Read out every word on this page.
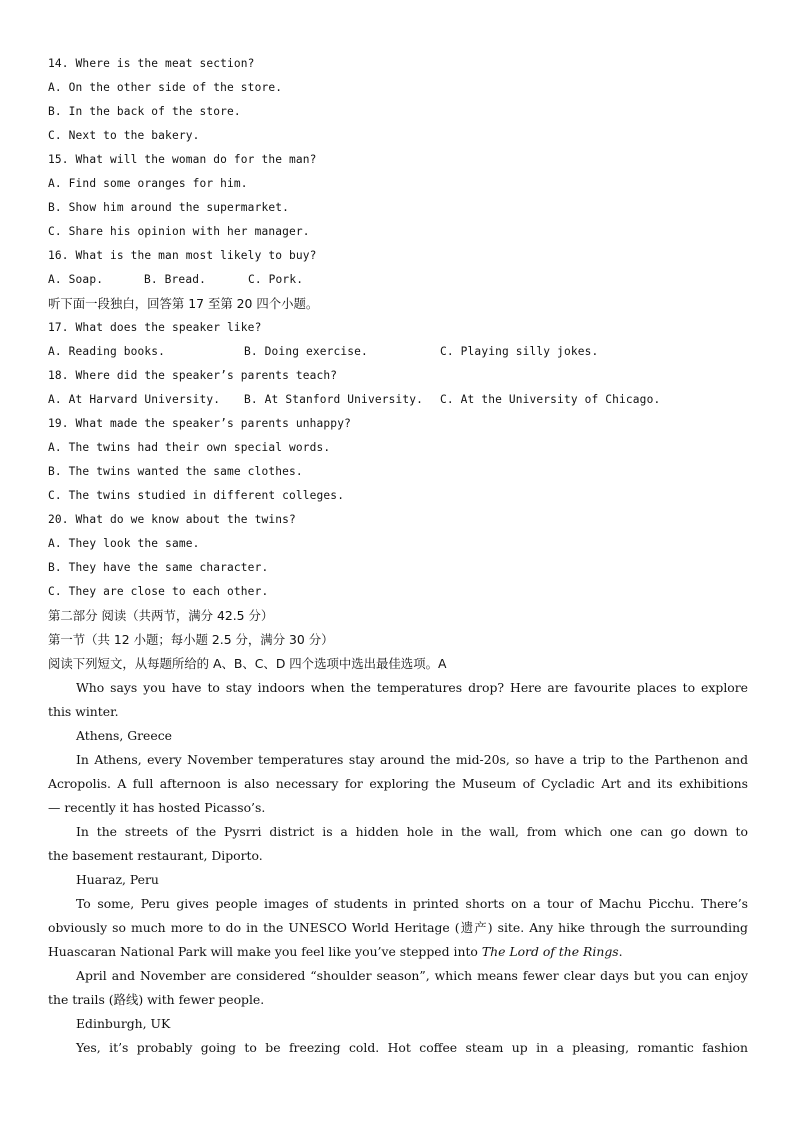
14. Where is the meat section?
A. On the other side of the store.
B. In the back of the store.
C. Next to the bakery.
15. What will the woman do for the man?
A. Find some oranges for him.
B. Show him around the supermarket.
C. Share his opinion with her manager.
16. What is the man most likely to buy?
A. Soap.	B. Bread.	C. Pork.
听下面一段独白，回答第 17 至第 20 四个小题。
17. What does the speaker like?
A. Reading books.	B. Doing exercise.	C. Playing silly jokes.
18. Where did the speaker’s parents teach?
A. At Harvard University.	B. At Stanford University.	C. At the University of Chicago.
19. What made the speaker’s parents unhappy?
A. The twins had their own special words.
B. The twins wanted the same clothes.
C. The twins studied in different colleges.
20. What do we know about the twins?
A. They look the same.
B. They have the same character.
C. They are close to each other.
第二部分 阅读（共两节，满分 42.5 分）
第一节（共 12 小题；每小题 2.5 分，满分 30 分）
阅读下列短文，从每题所给的 A、B、C、D 四个选项中选出最佳选项。A
Who says you have to stay indoors when the temperatures drop? Here are favourite places to explore
this winter.
Athens, Greece
In Athens, every November temperatures stay around the mid-20s, so have a trip to the Parthenon and
Acropolis. A full afternoon is also necessary for exploring the Museum of Cycladic Art and its exhibitions
— recently it has hosted Picasso’s.
In the streets of the Pysrri district is a hidden hole in the wall, from which one can go down to
the basement restaurant, Diporto.
Huaraz, Peru
To some, Peru gives people images of students in printed shorts on a tour of Machu Picchu. There’s
obviously so much more to do in the UNESCO World Heritage (遗产) site. Any hike through the surrounding
Huascaran National Park will make you feel like you’ve stepped into The Lord of the Rings.
April and November are considered “shoulder season”, which means fewer clear days but you can enjoy
the trails (路线) with fewer people.
Edinburgh, UK
Yes, it’s probably going to be freezing cold. Hot coffee steam up in a pleasing, romantic fashion
